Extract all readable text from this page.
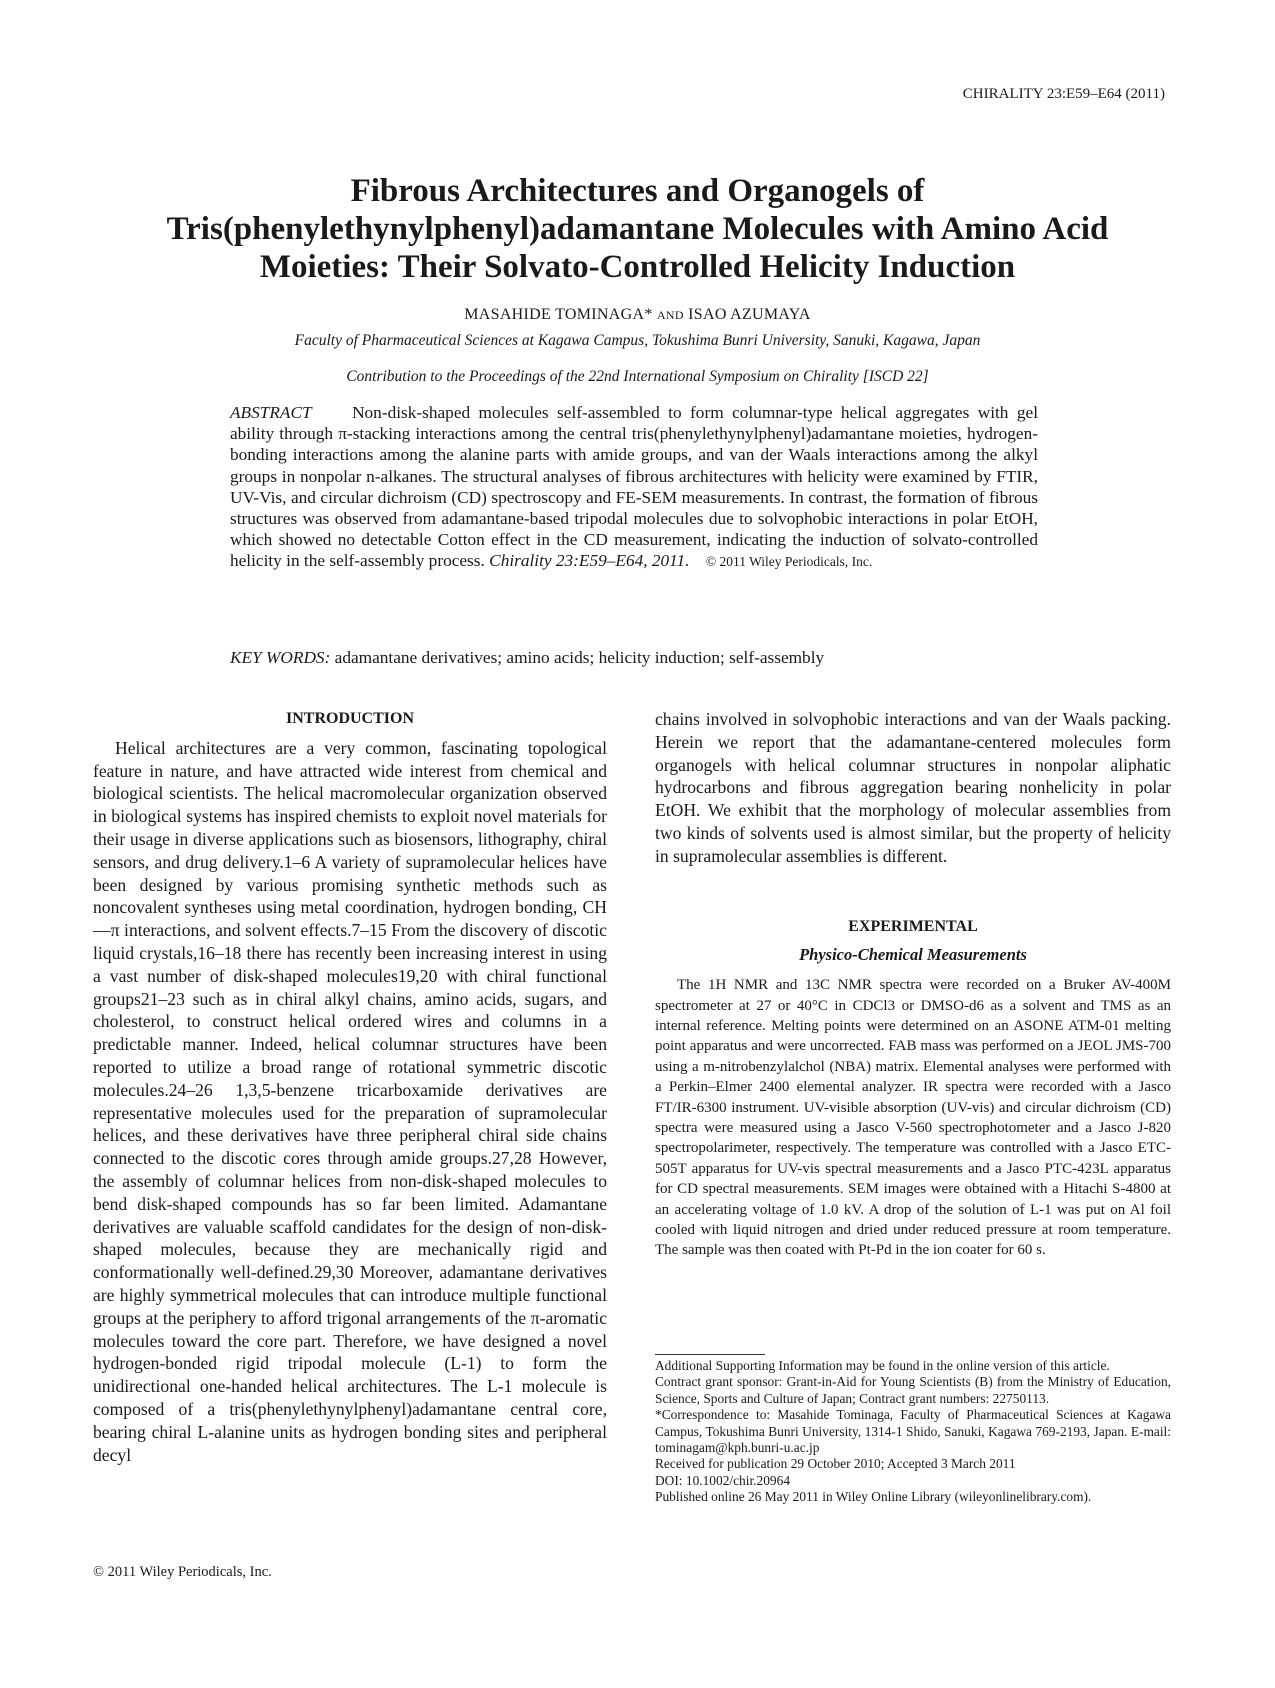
CHIRALITY 23:E59–E64 (2011)
Fibrous Architectures and Organogels of
Tris(phenylethynylphenyl)adamantane Molecules with Amino Acid
Moieties: Their Solvato-Controlled Helicity Induction
MASAHIDE TOMINAGA* AND ISAO AZUMAYA
Faculty of Pharmaceutical Sciences at Kagawa Campus, Tokushima Bunri University, Sanuki, Kagawa, Japan
Contribution to the Proceedings of the 22nd International Symposium on Chirality [ISCD 22]
ABSTRACT Non-disk-shaped molecules self-assembled to form columnar-type helical aggregates with gel ability through π-stacking interactions among the central tris(phenylethynylphenyl)adamantane moieties, hydrogen-bonding interactions among the alanine parts with amide groups, and van der Waals interactions among the alkyl groups in nonpolar n-alkanes. The structural analyses of fibrous architectures with helicity were examined by FTIR, UV-Vis, and circular dichroism (CD) spectroscopy and FE-SEM measurements. In contrast, the formation of fibrous structures was observed from adamantane-based tripodal molecules due to solvophobic interactions in polar EtOH, which showed no detectable Cotton effect in the CD measurement, indicating the induction of solvato-controlled helicity in the self-assembly process. Chirality 23:E59–E64, 2011. © 2011 Wiley Periodicals, Inc.
KEY WORDS: adamantane derivatives; amino acids; helicity induction; self-assembly
INTRODUCTION

Helical architectures are a very common, fascinating topological feature in nature, and have attracted wide interest from chemical and biological scientists. The helical macromolecular organization observed in biological systems has inspired chemists to exploit novel materials for their usage in diverse applications such as biosensors, lithography, chiral sensors, and drug delivery.1–6 A variety of supramolecular helices have been designed by various promising synthetic methods such as noncovalent syntheses using metal coordination, hydrogen bonding, CH—π interactions, and solvent effects.7–15 From the discovery of discotic liquid crystals,16–18 there has recently been increasing interest in using a vast number of disk-shaped molecules19,20 with chiral functional groups21–23 such as in chiral alkyl chains, amino acids, sugars, and cholesterol, to construct helical ordered wires and columns in a predictable manner. Indeed, helical columnar structures have been reported to utilize a broad range of rotational symmetric discotic molecules.24–26 1,3,5-benzene tricarboxamide derivatives are representative molecules used for the preparation of supramolecular helices, and these derivatives have three peripheral chiral side chains connected to the discotic cores through amide groups.27,28 However, the assembly of columnar helices from non-disk-shaped molecules to bend disk-shaped compounds has so far been limited. Adamantane derivatives are valuable scaffold candidates for the design of non-disk-shaped molecules, because they are mechanically rigid and conformationally well-defined.29,30 Moreover, adamantane derivatives are highly symmetrical molecules that can introduce multiple functional groups at the periphery to afford trigonal arrangements of the π-aromatic molecules toward the core part. Therefore, we have designed a novel hydrogen-bonded rigid tripodal molecule (L-1) to form the unidirectional one-handed helical architectures. The L-1 molecule is composed of a tris(phenylethynylphenyl)adamantane central core, bearing chiral L-alanine units as hydrogen bonding sites and peripheral decyl

chains involved in solvophobic interactions and van der Waals packing. Herein we report that the adamantane-centered molecules form organogels with helical columnar structures in nonpolar aliphatic hydrocarbons and fibrous aggregation bearing nonhelicity in polar EtOH. We exhibit that the morphology of molecular assemblies from two kinds of solvents used is almost similar, but the property of helicity in supramolecular assemblies is different.

EXPERIMENTAL
Physico-Chemical Measurements

The 1H NMR and 13C NMR spectra were recorded on a Bruker AV-400M spectrometer at 27 or 40°C in CDCl3 or DMSO-d6 as a solvent and TMS as an internal reference. Melting points were determined on an ASONE ATM-01 melting point apparatus and were uncorrected. FAB mass was performed on a JEOL JMS-700 using a m-nitrobenzylalchol (NBA) matrix. Elemental analyses were performed with a Perkin–Elmer 2400 elemental analyzer. IR spectra were recorded with a Jasco FT/IR-6300 instrument. UV-visible absorption (UV-vis) and circular dichroism (CD) spectra were measured using a Jasco V-560 spectrophotometer and a Jasco J-820 spectropolarimeter, respectively. The temperature was controlled with a Jasco ETC-505T apparatus for UV-vis spectral measurements and a Jasco PTC-423L apparatus for CD spectral measurements. SEM images were obtained with a Hitachi S-4800 at an accelerating voltage of 1.0 kV. A drop of the solution of L-1 was put on Al foil cooled with liquid nitrogen and dried under reduced pressure at room temperature. The sample was then coated with Pt-Pd in the ion coater for 60 s.

Additional Supporting Information may be found in the online version of this article.

Contract grant sponsor: Grant-in-Aid for Young Scientists (B) from the Ministry of Education, Science, Sports and Culture of Japan; Contract grant numbers: 22750113.

*Correspondence to: Masahide Tominaga, Faculty of Pharmaceutical Sciences at Kagawa Campus, Tokushima Bunri University, 1314-1 Shido, Sanuki, Kagawa 769-2193, Japan. E-mail: tominagam@kph.bunri-u.ac.jp

Received for publication 29 October 2010; Accepted 3 March 2011

DOI: 10.1002/chir.20964

Published online 26 May 2011 in Wiley Online Library (wileyonlinelibrary.com).

© 2011 Wiley Periodicals, Inc.
